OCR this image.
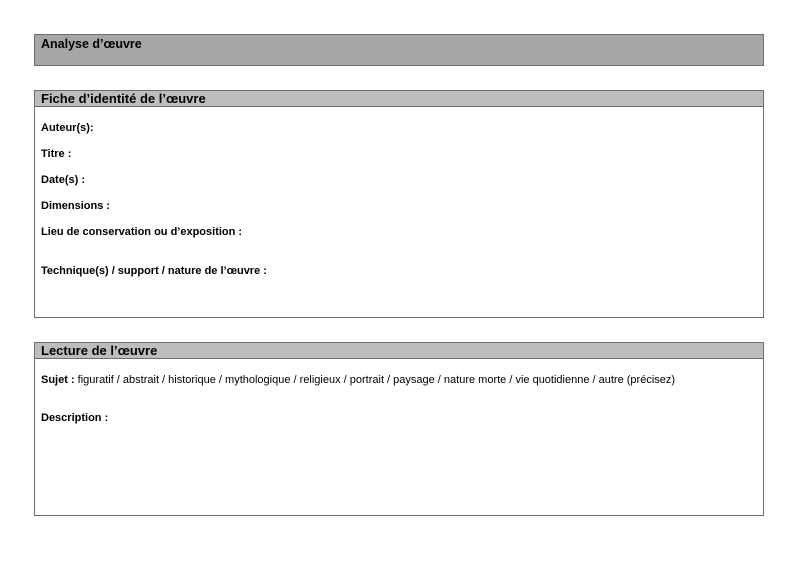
Analyse d’œuvre
Fiche d’identité de l’œuvre
Auteur(s):
Titre :
Date(s) :
Dimensions :
Lieu de conservation ou d’exposition :
Technique(s) / support / nature de l’œuvre :
Lecture de l’œuvre
Sujet : figuratif / abstrait / historique / mythologique / religieux / portrait / paysage / nature morte / vie quotidienne / autre (précisez)
Description :
